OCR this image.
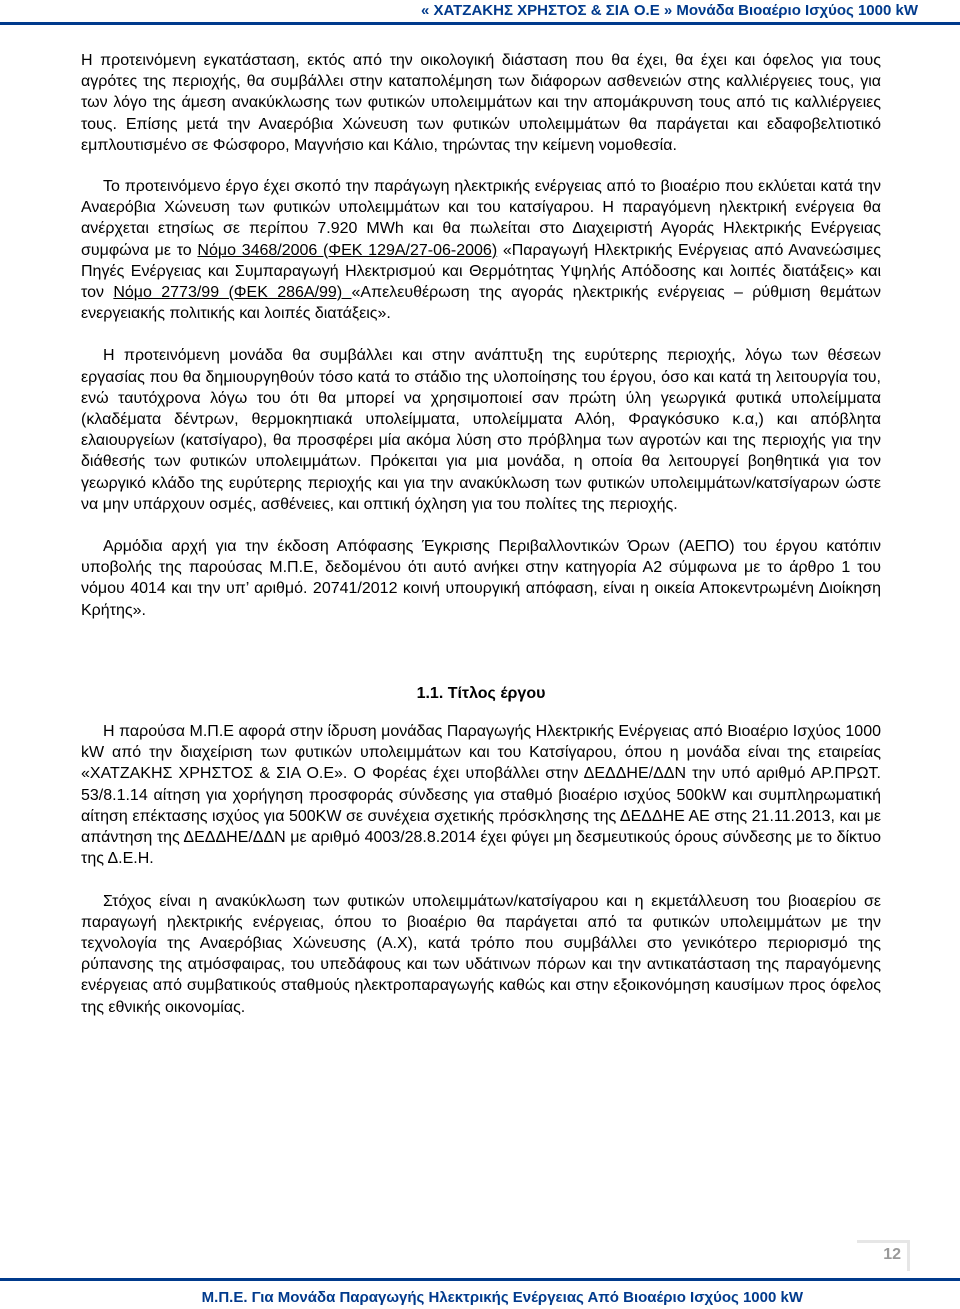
« ΧΑΤΖΑΚΗΣ ΧΡΗΣΤΟΣ & ΣΙΑ Ο.Ε » Μονάδα Βιοαέριο Ισχύος 1000 kW

Η προτεινόμενη εγκατάσταση, εκτός από την οικολογική διάσταση που θα έχει, θα έχει και όφελος για τους αγρότες της περιοχής, θα συμβάλλει στην καταπολέμηση των διάφορων ασθενειών στης καλλιέργειες τους, για των λόγο της άμεση ανακύκλωσης των φυτικών υπολειμμάτων και την απομάκρυνση τους από τις καλλιέργειες τους. Επίσης μετά την Αναερόβια Χώνευση των φυτικών υπολειμμάτων θα παράγεται και εδαφοβελτιοτικό εμπλουτισμένο σε Φώσφορο, Μαγνήσιο και Κάλιο, τηρώντας την κείμενη νομοθεσία.

Το προτεινόμενο έργο έχει σκοπό την παράγωγη ηλεκτρικής ενέργειας από το βιοαέριο που εκλύεται κατά την Αναερόβια Χώνευση των φυτικών υπολειμμάτων και του κατσίγαρου. Η παραγόμενη ηλεκτρική ενέργεια θα ανέρχεται ετησίως σε περίπου 7.920 MWh και θα πωλείται στο Διαχειριστή Αγοράς Ηλεκτρικής Ενέργειας συμφώνα με το Νόμο 3468/2006 (ΦΕΚ 129Α/27-06-2006) «Παραγωγή Ηλεκτρικής Ενέργειας από Ανανεώσιμες Πηγές Ενέργειας και Συμπαραγωγή Ηλεκτρισμού και Θερμότητας Υψηλής Απόδοσης και λοιπές διατάξεις» και τον Νόμο 2773/99 (ΦΕΚ 286Α/99) «Απελευθέρωση της αγοράς ηλεκτρικής ενέργειας – ρύθμιση θεμάτων ενεργειακής πολιτικής και λοιπές διατάξεις».

Η προτεινόμενη μονάδα θα συμβάλλει και στην ανάπτυξη της ευρύτερης περιοχής, λόγω των θέσεων εργασίας που θα δημιουργηθούν τόσο κατά το στάδιο της υλοποίησης του έργου, όσο και κατά τη λειτουργία του, ενώ ταυτόχρονα λόγω του ότι θα μπορεί να χρησιμοποιεί σαν πρώτη ύλη γεωργικά φυτικά υπολείμματα (κλαδέματα δέντρων, θερμοκηπιακά υπολείμματα, υπολείμματα Αλόη, Φραγκόσυκο κ.α,) και απόβλητα ελαιουργείων (κατσίγαρο), θα προσφέρει μία ακόμα λύση στο πρόβλημα των αγροτών και της περιοχής για την διάθεσής των φυτικών υπολειμμάτων. Πρόκειται για μια μονάδα, η οποία θα λειτουργεί βοηθητικά για τον γεωργικό κλάδο της ευρύτερης περιοχής και για την ανακύκλωση των φυτικών υπολειμμάτων/κατσίγαρων ώστε να μην υπάρχουν οσμές, ασθένειες, και οπτική όχληση για του πολίτες της περιοχής.

Αρμόδια αρχή για την έκδοση Απόφασης Έγκρισης Περιβαλλοντικών Όρων (ΑΕΠΟ) του έργου κατόπιν υποβολής της παρούσας Μ.Π.Ε, δεδομένου ότι αυτό ανήκει στην κατηγορία Α2 σύμφωνα με το άρθρο 1 του νόμου 4014 και την υπ’ αριθμό. 20741/2012 κοινή υπουργική απόφαση, είναι η οικεία Αποκεντρωμένη Διοίκηση Κρήτης».

1.1. Τίτλος έργου

Η παρούσα Μ.Π.Ε αφορά στην ίδρυση μονάδας Παραγωγής Ηλεκτρικής Ενέργειας από Βιοαέριο Ισχύος 1000 kW από την διαχείριση των φυτικών υπολειμμάτων και του Κατσίγαρου, όπου η μονάδα είναι της εταιρείας «ΧΑΤΖΑΚΗΣ ΧΡΗΣΤΟΣ & ΣΙΑ Ο.Ε». Ο Φορέας έχει υποβάλλει στην ΔΕΔΔΗΕ/ΔΔΝ την υπό αριθμό ΑΡ.ΠΡΩΤ. 53/8.1.14 αίτηση για χορήγηση προσφοράς σύνδεσης για σταθμό βιοαέριο ισχύος 500kW και συμπληρωματική αίτηση επέκτασης ισχύος για 500KW σε συνέχεια σχετικής πρόσκλησης της ΔΕΔΔΗΕ ΑΕ στης 21.11.2013, και με απάντηση της ΔΕΔΔΗΕ/ΔΔΝ με αριθμό 4003/28.8.2014 έχει φύγει μη δεσμευτικούς όρους σύνδεσης με το δίκτυο της Δ.Ε.Η.

Στόχος είναι η ανακύκλωση των φυτικών υπολειμμάτων/κατσίγαρου και η εκμετάλλευση του βιοαερίου σε παραγωγή ηλεκτρικής ενέργειας, όπου το βιοαέριο θα παράγεται από τα φυτικών υπολειμμάτων με την τεχνολογία της Αναερόβιας Χώνευσης (Α.Χ), κατά τρόπο που συμβάλλει στο γενικότερο περιορισμό της ρύπανσης της ατμόσφαιρας, του υπεδάφους και των υδάτινων πόρων και την αντικατάσταση της παραγόμενης ενέργειας από συμβατικούς σταθμούς ηλεκτροπαραγωγής καθώς και στην εξοικονόμηση καυσίμων προς όφελος της εθνικής οικονομίας.

12
Μ.Π.Ε. Για Μονάδα Παραγωγής Ηλεκτρικής Ενέργειας Από Βιοαέριο Ισχύος 1000 kW
